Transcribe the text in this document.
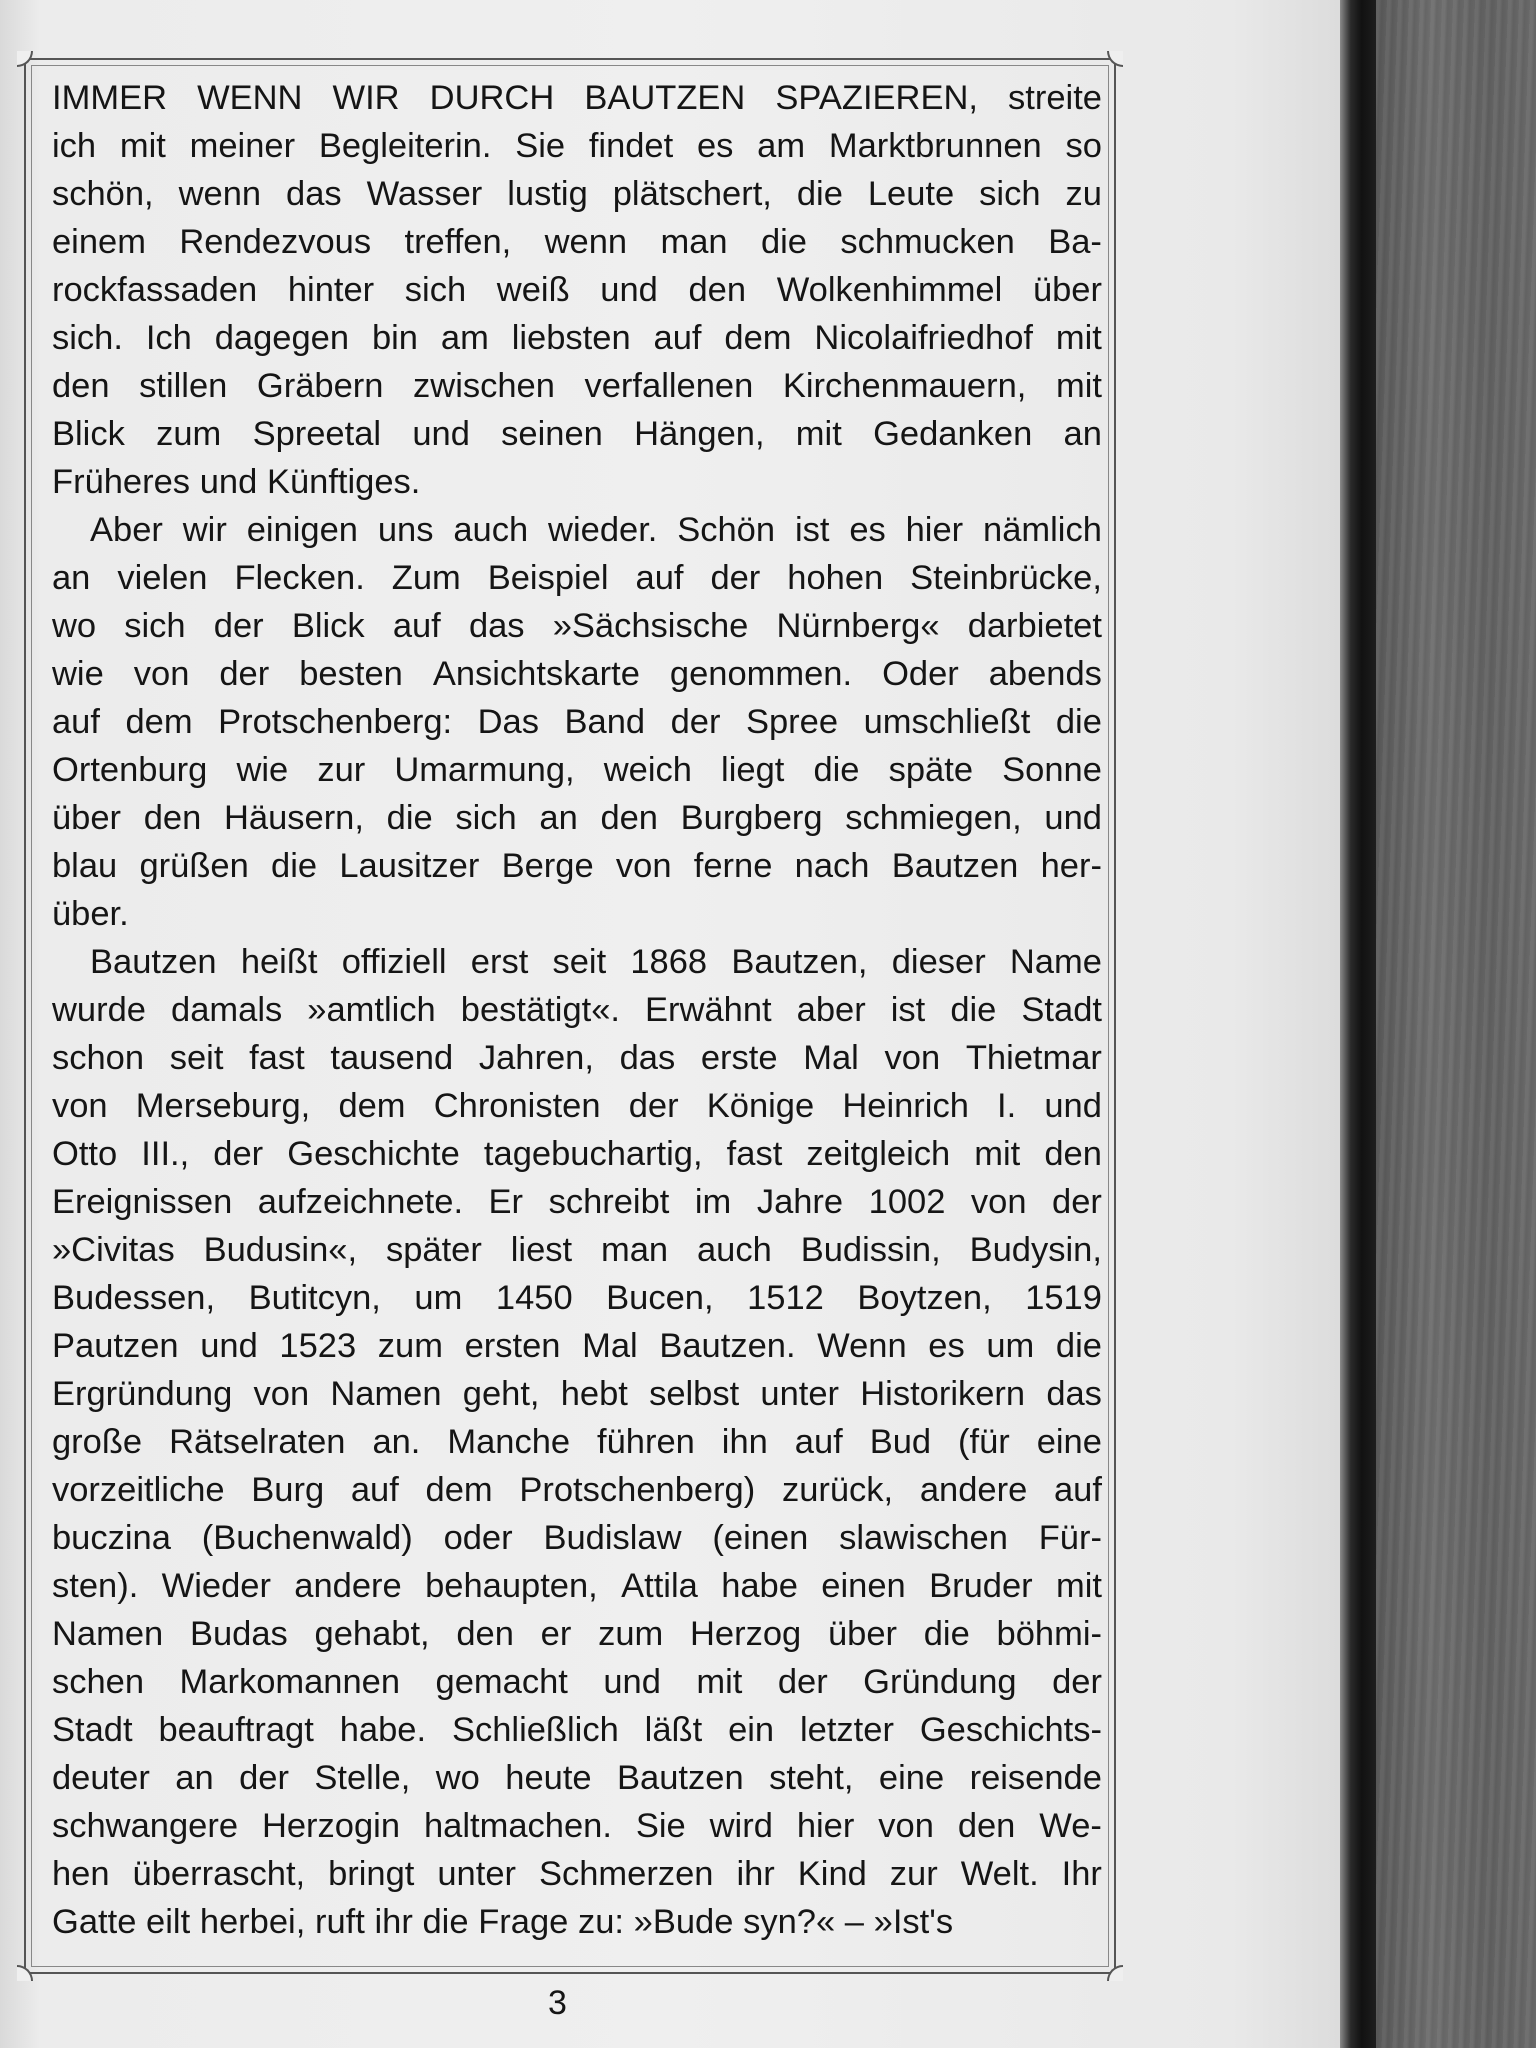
IMMER WENN WIR DURCH BAUTZEN SPAZIEREN, streite
ich mit meiner Begleiterin. Sie findet es am Marktbrunnen so
schön, wenn das Wasser lustig plätschert, die Leute sich zu
einem Rendezvous treffen, wenn man die schmucken Ba-
rockfassaden hinter sich weiß und den Wolkenhimmel über
sich. Ich dagegen bin am liebsten auf dem Nicolaifriedhof mit
den stillen Gräbern zwischen verfallenen Kirchenmauern, mit
Blick zum Spreetal und seinen Hängen, mit Gedanken an
Früheres und Künftiges.
Aber wir einigen uns auch wieder. Schön ist es hier nämlich
an vielen Flecken. Zum Beispiel auf der hohen Steinbrücke,
wo sich der Blick auf das »Sächsische Nürnberg« darbietet
wie von der besten Ansichtskarte genommen. Oder abends
auf dem Protschenberg: Das Band der Spree umschließt die
Ortenburg wie zur Umarmung, weich liegt die späte Sonne
über den Häusern, die sich an den Burgberg schmiegen, und
blau grüßen die Lausitzer Berge von ferne nach Bautzen her-
über.
Bautzen heißt offiziell erst seit 1868 Bautzen, dieser Name
wurde damals »amtlich bestätigt«. Erwähnt aber ist die Stadt
schon seit fast tausend Jahren, das erste Mal von Thietmar
von Merseburg, dem Chronisten der Könige Heinrich I. und
Otto III., der Geschichte tagebuchartig, fast zeitgleich mit den
Ereignissen aufzeichnete. Er schreibt im Jahre 1002 von der
»Civitas Budusin«, später liest man auch Budissin, Budysin,
Budessen, Butitcyn, um 1450 Bucen, 1512 Boytzen, 1519
Pautzen und 1523 zum ersten Mal Bautzen. Wenn es um die
Ergründung von Namen geht, hebt selbst unter Historikern das
große Rätselraten an. Manche führen ihn auf Bud (für eine
vorzeitliche Burg auf dem Protschenberg) zurück, andere auf
buczina (Buchenwald) oder Budislaw (einen slawischen Für-
sten). Wieder andere behaupten, Attila habe einen Bruder mit
Namen Budas gehabt, den er zum Herzog über die böhmi-
schen Markomannen gemacht und mit der Gründung der
Stadt beauftragt habe. Schließlich läßt ein letzter Geschichts-
deuter an der Stelle, wo heute Bautzen steht, eine reisende
schwangere Herzogin haltmachen. Sie wird hier von den We-
hen überrascht, bringt unter Schmerzen ihr Kind zur Welt. Ihr
Gatte eilt herbei, ruft ihr die Frage zu: »Bude syn?« – »Ist's
3
